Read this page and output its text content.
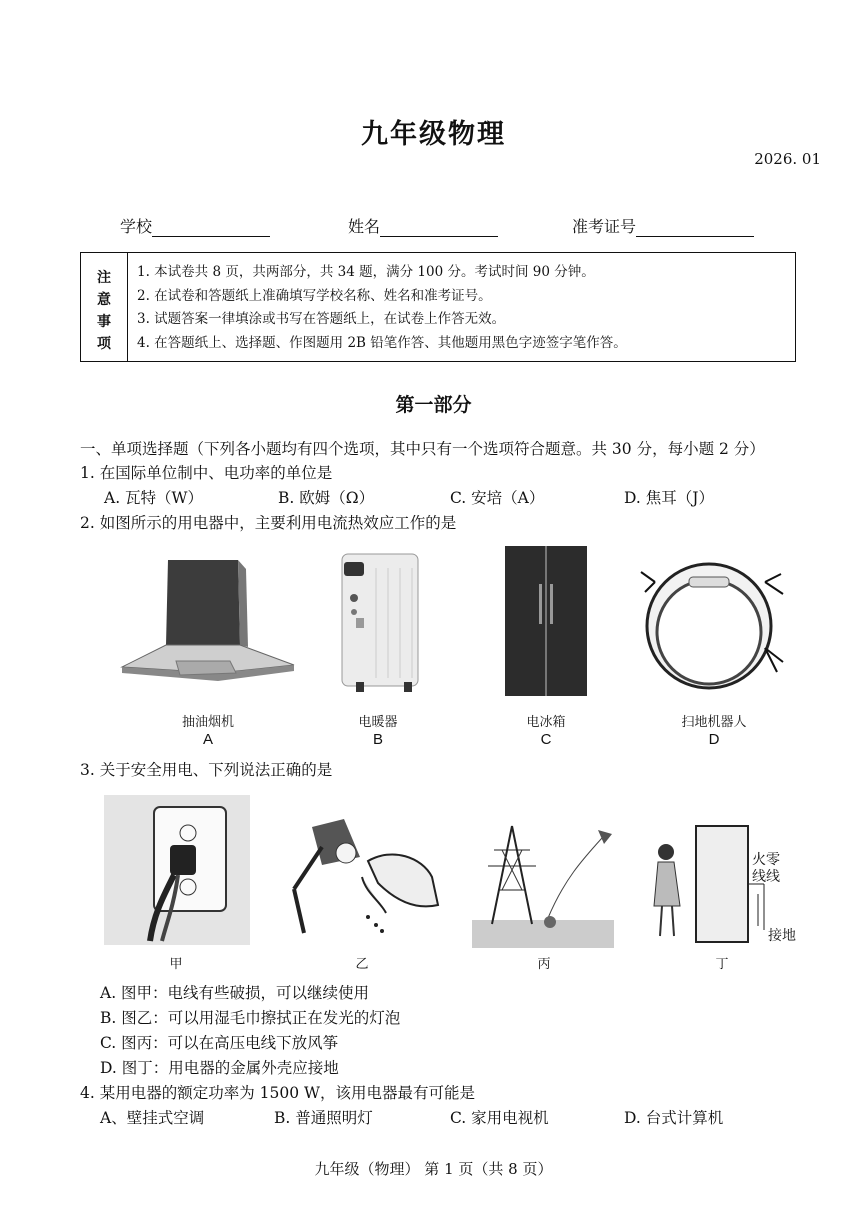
九年级物理
2026. 01
学校	姓名	准考证号
注
意
事
项
1. 本试卷共 8 页，共两部分，共 34 题，满分 100 分。考试时间 90 分钟。
2. 在试卷和答题纸上准确填写学校名称、姓名和准考证号。
3. 试题答案一律填涂或书写在答题纸上，在试卷上作答无效。
4. 在答题纸上、选择题、作图题用 2B 铅笔作答、其他题用黑色字迹签字笔作答。
第一部分
一、单项选择题（下列各小题均有四个选项，其中只有一个选项符合题意。共 30 分，每小题 2 分）
1. 在国际单位制中、电功率的单位是
A. 瓦特（W）	B. 欧姆（Ω）	C. 安培（A）	D. 焦耳（J）
2. 如图所示的用电器中，主要利用电流热效应工作的是
抽油烟机	电暖器	电冰箱	扫地机器人
A	B	C	D
3. 关于安全用电、下列说法正确的是
火零
线线
接地
甲	乙	丙	丁
A. 图甲：电线有些破损，可以继续使用
B. 图乙：可以用湿毛巾擦拭正在发光的灯泡
C. 图丙：可以在高压电线下放风筝
D. 图丁：用电器的金属外壳应接地
4. 某用电器的额定功率为 1500 W，该用电器最有可能是
A、壁挂式空调	B. 普通照明灯	C. 家用电视机	D. 台式计算机
九年级（物理） 第 1 页（共 8 页）
